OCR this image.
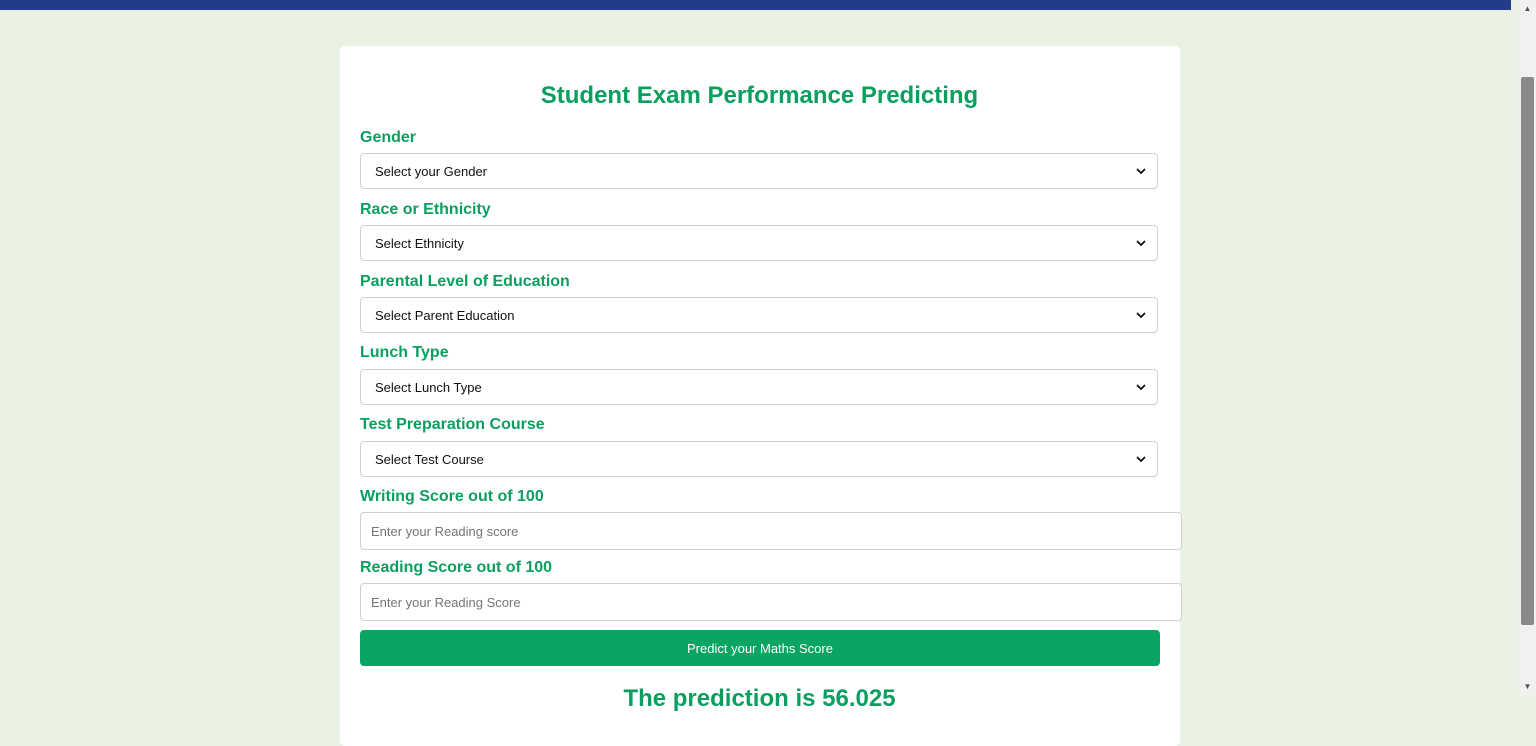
Student Exam Performance Predicting
Gender
Select your Gender
Race or Ethnicity
Select Ethnicity
Parental Level of Education
Select Parent Education
Lunch Type
Select Lunch Type
Test Preparation Course
Select Test Course
Writing Score out of 100
Enter your Reading score
Reading Score out of 100
Enter your Reading Score
Predict your Maths Score
The prediction is 56.025
▲
▼
